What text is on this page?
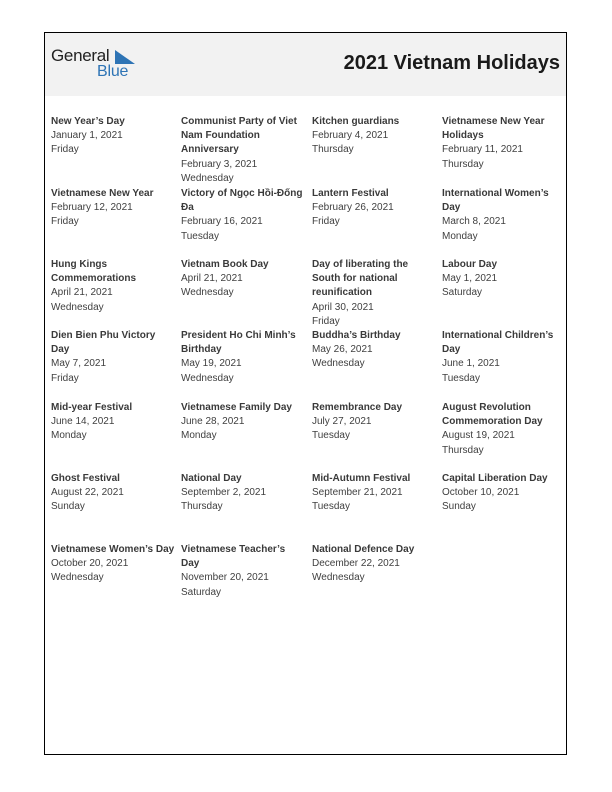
General
Blue	2021 Vietnam Holidays
New Year’s Day
January 1, 2021
Friday
Communist Party of Viet Nam Foundation Anniversary
February 3, 2021
Wednesday
Kitchen guardians
February 4, 2021
Thursday
Vietnamese New Year Holidays
February 11, 2021
Thursday
Vietnamese New Year
February 12, 2021
Friday
Victory of Ngọc Hồi-Đống Đa
February 16, 2021
Tuesday
Lantern Festival
February 26, 2021
Friday
International Women’s Day
March 8, 2021
Monday
Hung Kings Commemorations
April 21, 2021
Wednesday
Vietnam Book Day
April 21, 2021
Wednesday
Day of liberating the South for national reunification
April 30, 2021
Friday
Labour Day
May 1, 2021
Saturday
Dien Bien Phu Victory Day
May 7, 2021
Friday
President Ho Chi Minh’s Birthday
May 19, 2021
Wednesday
Buddha’s Birthday
May 26, 2021
Wednesday
International Children’s Day
June 1, 2021
Tuesday
Mid-year Festival
June 14, 2021
Monday
Vietnamese Family Day
June 28, 2021
Monday
Remembrance Day
July 27, 2021
Tuesday
August Revolution Commemoration Day
August 19, 2021
Thursday
Ghost Festival
August 22, 2021
Sunday
National Day
September 2, 2021
Thursday
Mid-Autumn Festival
September 21, 2021
Tuesday
Capital Liberation Day
October 10, 2021
Sunday
Vietnamese Women’s Day
October 20, 2021
Wednesday
Vietnamese Teacher’s Day
November 20, 2021
Saturday
National Defence Day
December 22, 2021
Wednesday
